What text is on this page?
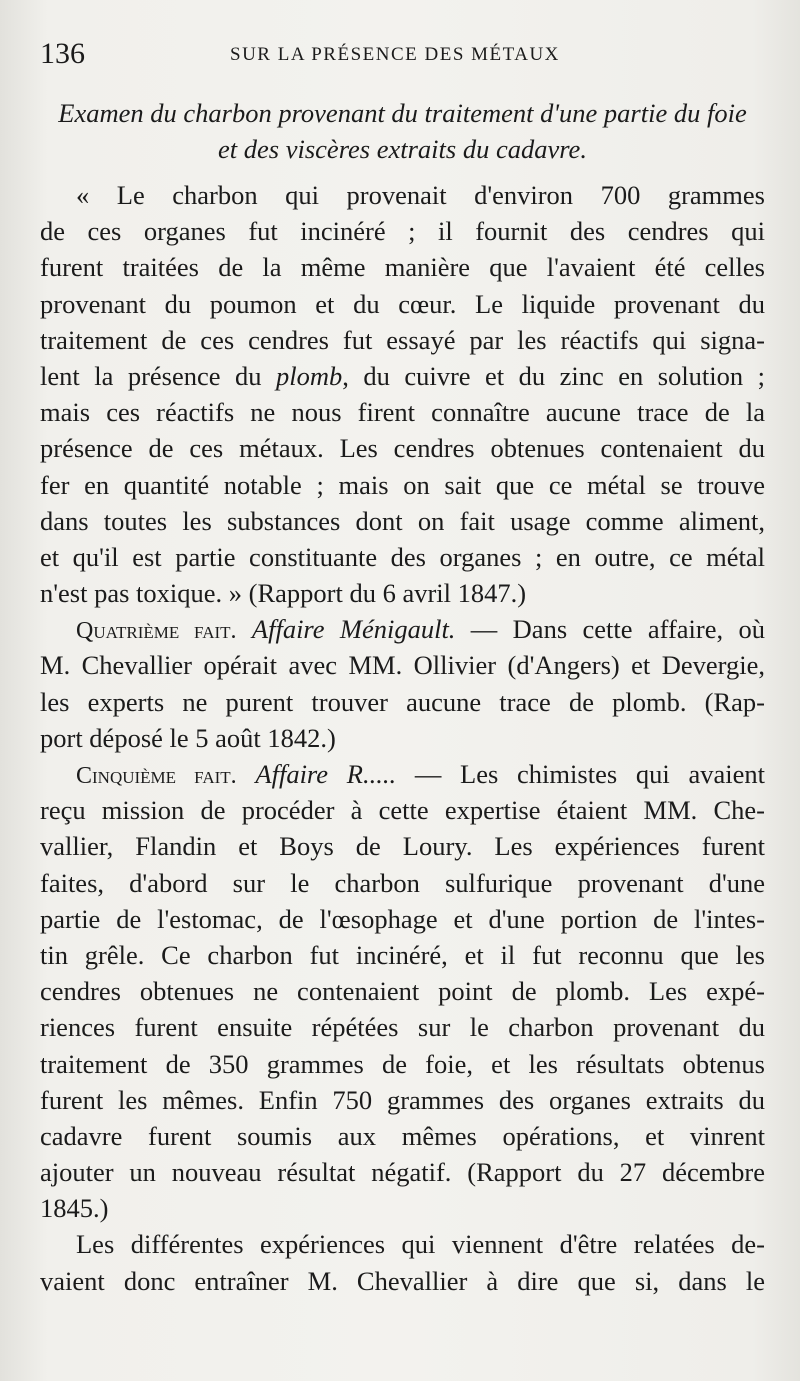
136	SUR LA PRÉSENCE DES MÉTAUX
Examen du charbon provenant du traitement d'une partie du foie
et des viscères extraits du cadavre.
« Le charbon qui provenait d'environ 700 grammes
de ces organes fut incinéré ; il fournit des cendres qui
furent traitées de la même manière que l'avaient été celles
provenant du poumon et du cœur. Le liquide provenant du
traitement de ces cendres fut essayé par les réactifs qui signa-
lent la présence du plomb, du cuivre et du zinc en solution ;
mais ces réactifs ne nous firent connaître aucune trace de la
présence de ces métaux. Les cendres obtenues contenaient du
fer en quantité notable ; mais on sait que ce métal se trouve
dans toutes les substances dont on fait usage comme aliment,
et qu'il est partie constituante des organes ; en outre, ce métal
n'est pas toxique. » (Rapport du 6 avril 1847.)
Quatrième fait. Affaire Ménigault. — Dans cette affaire, où
M. Chevallier opérait avec MM. Ollivier (d'Angers) et Devergie,
les experts ne purent trouver aucune trace de plomb. (Rap-
port déposé le 5 août 1842.)
Cinquième fait. Affaire R..... — Les chimistes qui avaient
reçu mission de procéder à cette expertise étaient MM. Che-
vallier, Flandin et Boys de Loury. Les expériences furent
faites, d'abord sur le charbon sulfurique provenant d'une
partie de l'estomac, de l'œsophage et d'une portion de l'intes-
tin grêle. Ce charbon fut incinéré, et il fut reconnu que les
cendres obtenues ne contenaient point de plomb. Les expé-
riences furent ensuite répétées sur le charbon provenant du
traitement de 350 grammes de foie, et les résultats obtenus
furent les mêmes. Enfin 750 grammes des organes extraits du
cadavre furent soumis aux mêmes opérations, et vinrent
ajouter un nouveau résultat négatif. (Rapport du 27 décembre
1845.)
Les différentes expériences qui viennent d'être relatées de-
vaient donc entraîner M. Chevallier à dire que si, dans le
